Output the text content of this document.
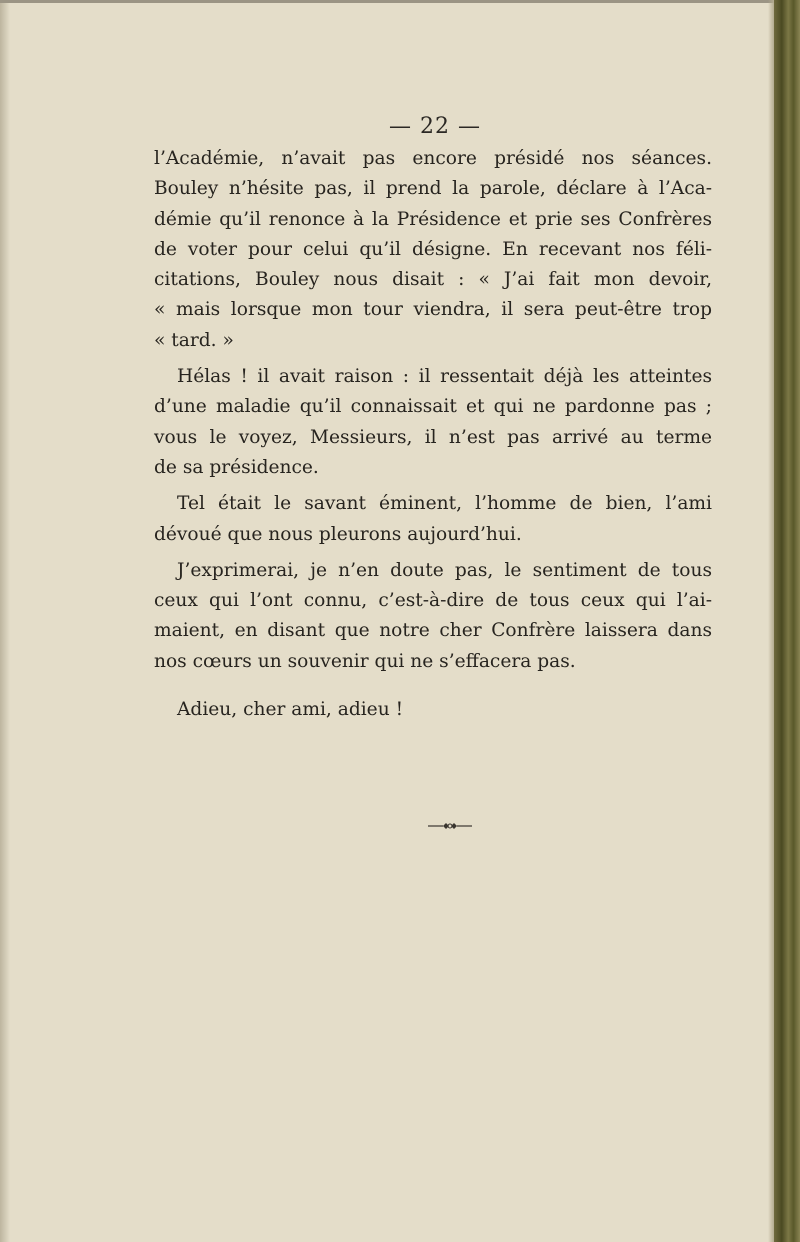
— 22 —

l’Académie, n’avait pas encore présidé nos séances.
Bouley n’hésite pas, il prend la parole, déclare à l’Aca-
démie qu’il renonce à la Présidence et prie ses Confrères
de voter pour celui qu’il désigne. En recevant nos féli-
citations, Bouley nous disait : « J’ai fait mon devoir,
« mais lorsque mon tour viendra, il sera peut-être trop
« tard. »

Hélas ! il avait raison : il ressentait déjà les atteintes
d’une maladie qu’il connaissait et qui ne pardonne pas ;
vous le voyez, Messieurs, il n’est pas arrivé au terme
de sa présidence.

Tel était le savant éminent, l’homme de bien, l’ami
dévoué que nous pleurons aujourd’hui.

J’exprimerai, je n’en doute pas, le sentiment de tous
ceux qui l’ont connu, c’est-à-dire de tous ceux qui l’ai-
maient, en disant que notre cher Confrère laissera dans
nos cœurs un souvenir qui ne s’effacera pas.

Adieu, cher ami, adieu !
